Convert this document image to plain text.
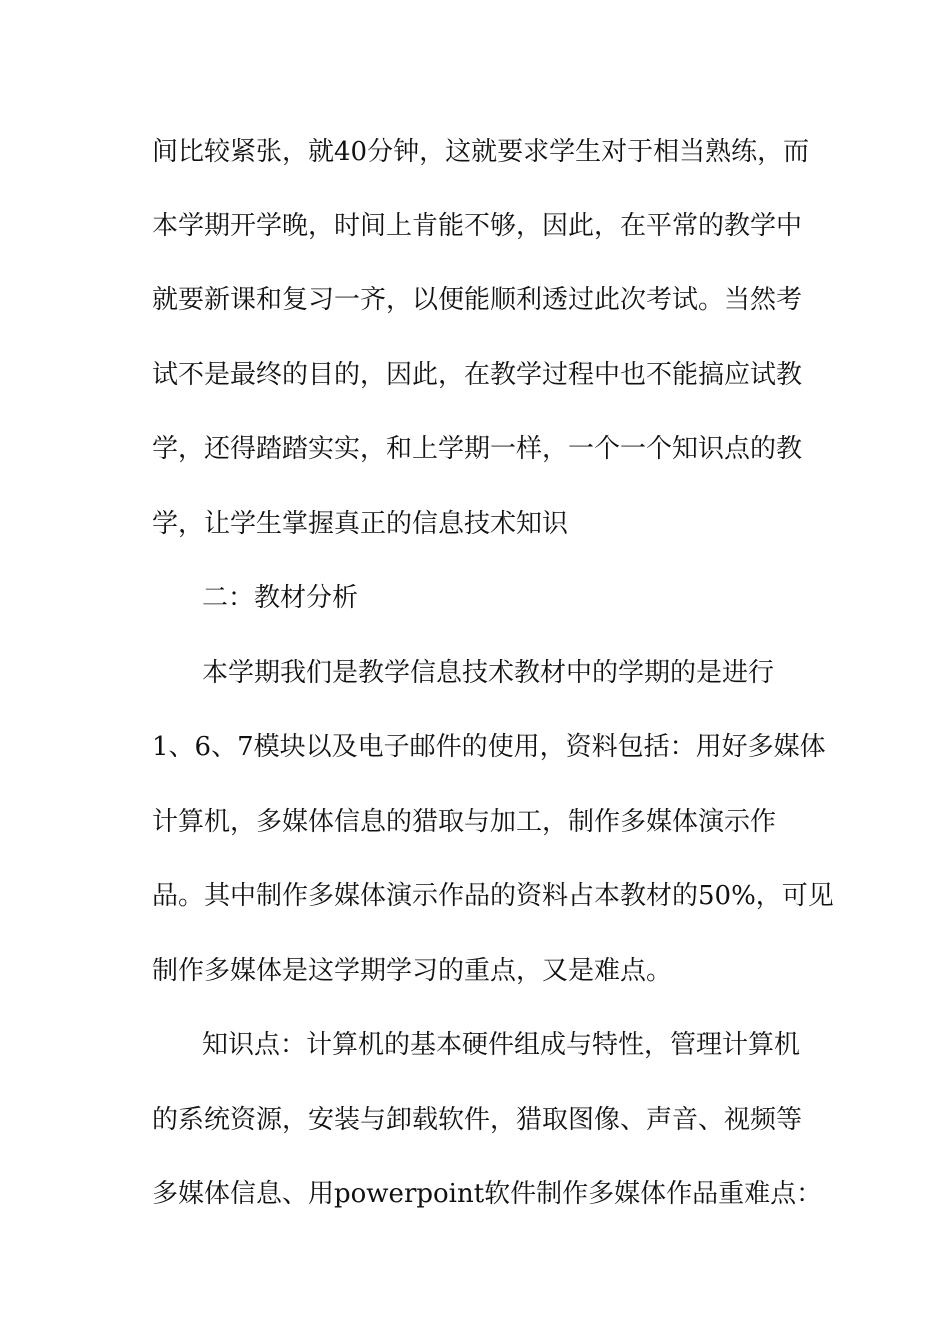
间比较紧张，就40分钟，这就要求学生对于相当熟练，而
本学期开学晚，时间上肯能不够，因此，在平常的教学中
就要新课和复习一齐，以便能顺利透过此次考试。当然考
试不是最终的目的，因此，在教学过程中也不能搞应试教
学，还得踏踏实实，和上学期一样，一个一个知识点的教
学，让学生掌握真正的信息技术知识
二：教材分析
本学期我们是教学信息技术教材中的学期的是进行
1、6、7模块以及电子邮件的使用，资料包括：用好多媒体
计算机，多媒体信息的猎取与加工，制作多媒体演示作
品。其中制作多媒体演示作品的资料占本教材的50%，可见
制作多媒体是这学期学习的重点，又是难点。
知识点：计算机的基本硬件组成与特性，管理计算机
的系统资源，安装与卸载软件，猎取图像、声音、视频等
多媒体信息、用powerpoint软件制作多媒体作品重难点：
